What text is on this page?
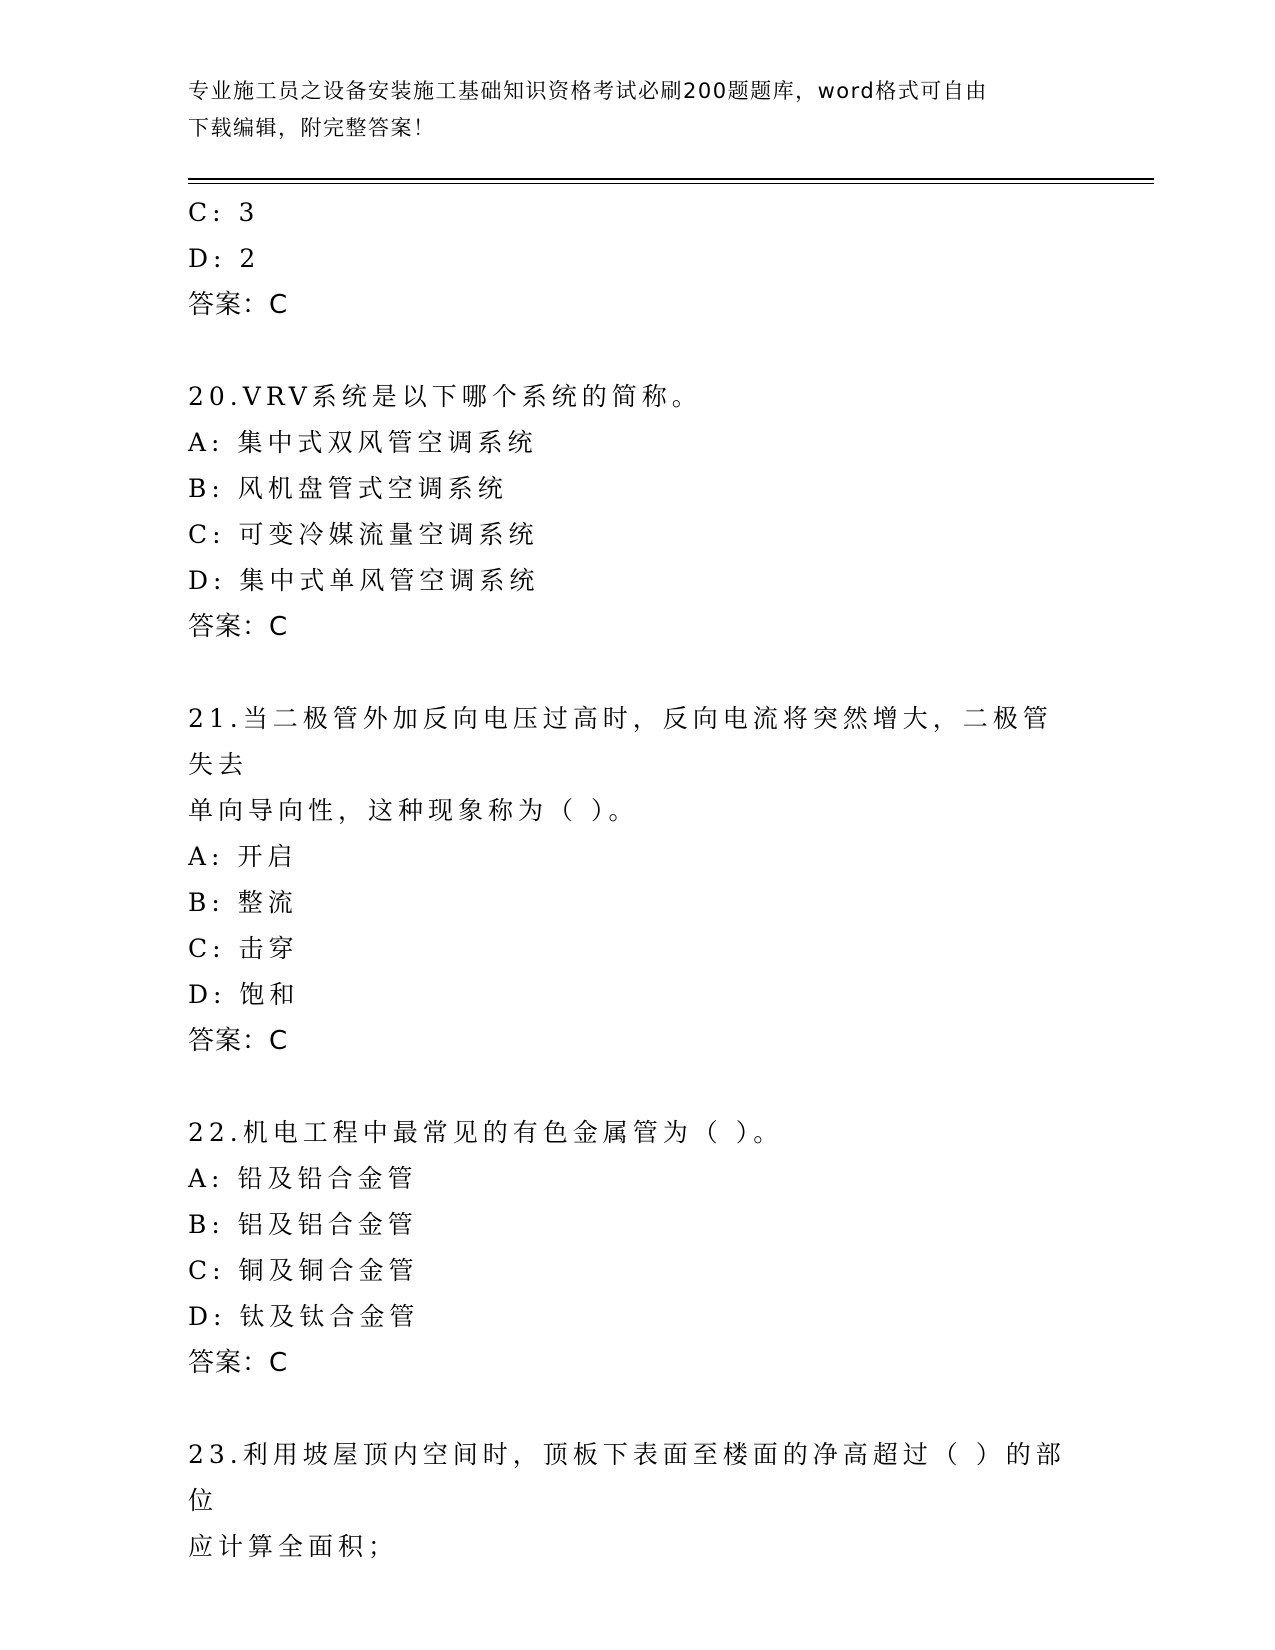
专业施工员之设备安装施工基础知识资格考试必刷200题题库，word格式可自由
下载编辑，附完整答案！
C: 3
D: 2
答案：C
20.VRV系统是以下哪个系统的简称。
A: 集中式双风管空调系统
B: 风机盘管式空调系统
C: 可变冷媒流量空调系统
D: 集中式单风管空调系统
答案：C
21.当二极管外加反向电压过高时，反向电流将突然增大，二极管失去
单向导向性，这种现象称为（ ）。
A: 开启
B: 整流
C: 击穿
D: 饱和
答案：C
22.机电工程中最常见的有色金属管为（ ）。
A: 铅及铅合金管
B: 铝及铝合金管
C: 铜及铜合金管
D: 钛及钛合金管
答案：C
23.利用坡屋顶内空间时，顶板下表面至楼面的净高超过（ ）的部位
应计算全面积；
